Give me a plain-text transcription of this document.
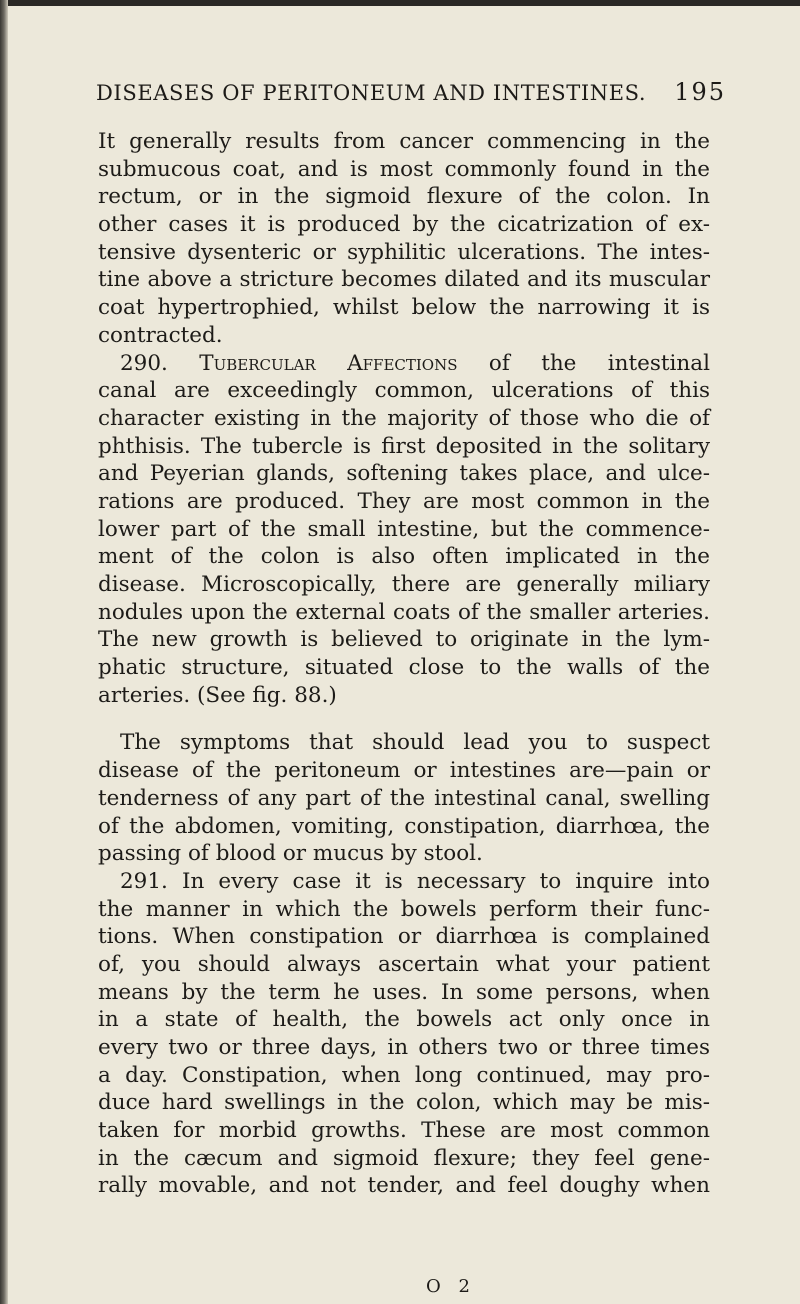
DISEASES OF PERITONEUM AND INTESTINES. 195
It generally results from cancer commencing in the
submucous coat, and is most commonly found in the
rectum, or in the sigmoid flexure of the colon. In
other cases it is produced by the cicatrization of ex-
tensive dysenteric or syphilitic ulcerations. The intes-
tine above a stricture becomes dilated and its muscular
coat hypertrophied, whilst below the narrowing it is
contracted.
290. Tubercular Affections of the intestinal
canal are exceedingly common, ulcerations of this
character existing in the majority of those who die of
phthisis. The tubercle is first deposited in the solitary
and Peyerian glands, softening takes place, and ulce-
rations are produced. They are most common in the
lower part of the small intestine, but the commence-
ment of the colon is also often implicated in the
disease. Microscopically, there are generally miliary
nodules upon the external coats of the smaller arteries.
The new growth is believed to originate in the lym-
phatic structure, situated close to the walls of the
arteries. (See fig. 88.)
The symptoms that should lead you to suspect
disease of the peritoneum or intestines are—pain or
tenderness of any part of the intestinal canal, swelling
of the abdomen, vomiting, constipation, diarrhœa, the
passing of blood or mucus by stool.
291. In every case it is necessary to inquire into
the manner in which the bowels perform their func-
tions. When constipation or diarrhœa is complained
of, you should always ascertain what your patient
means by the term he uses. In some persons, when
in a state of health, the bowels act only once in
every two or three days, in others two or three times
a day. Constipation, when long continued, may pro-
duce hard swellings in the colon, which may be mis-
taken for morbid growths. These are most common
in the cæcum and sigmoid flexure; they feel gene-
rally movable, and not tender, and feel doughy when
O 2
